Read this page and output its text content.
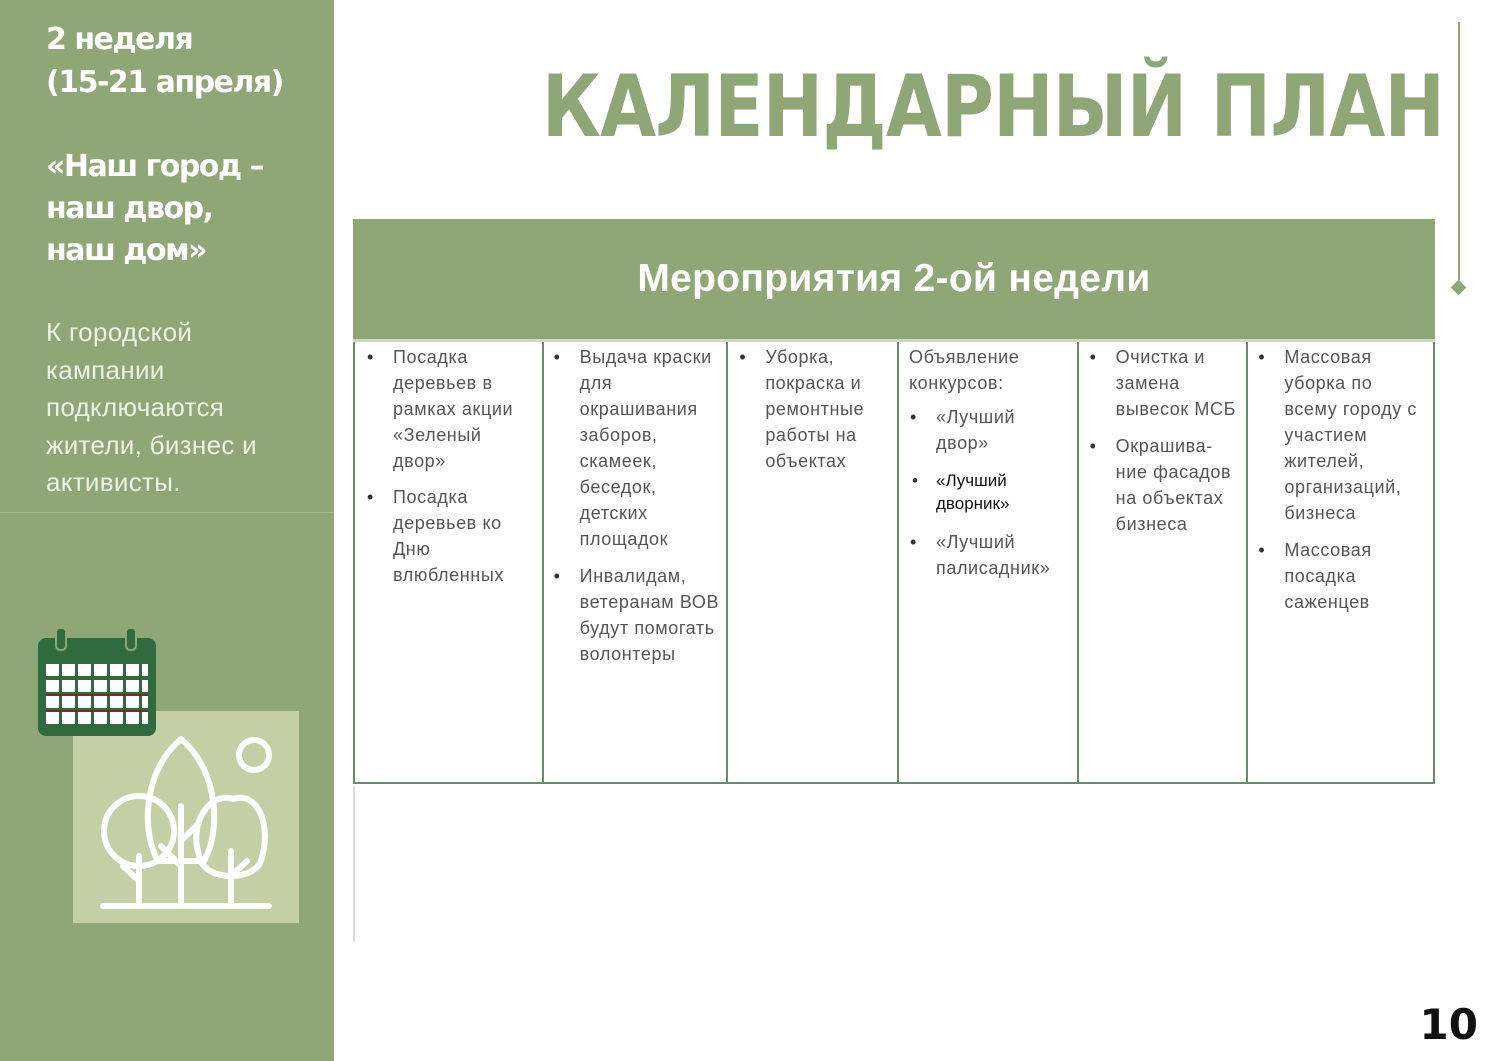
2 неделя
(15-21 апреля)
«Наш город –
наш двор,
наш дом»
К городской кампании подключаются жители, бизнес и активисты.
КАЛЕНДАРНЫЙ ПЛАН
Мероприятия 2-ой недели
• Посадка деревьев в рамках акции «Зеленый двор»
• Посадка деревьев ко Дню влюбленных
• Выдача краски для окрашивания заборов, скамеек, беседок, детских площадок
• Инвалидам, ветеранам ВОВ будут помогать волонтеры
• Уборка, покраска и ремонтные работы на объектах
Объявление конкурсов:
• «Лучший двор»
• «Лучший дворник»
• «Лучший палисадник»
• Очистка и замена вывесок МСБ
• Окрашива-ние фасадов на объектах бизнеса
• Массовая уборка по всему городу с участием жителей, организаций, бизнеса
• Массовая посадка саженцев
10
